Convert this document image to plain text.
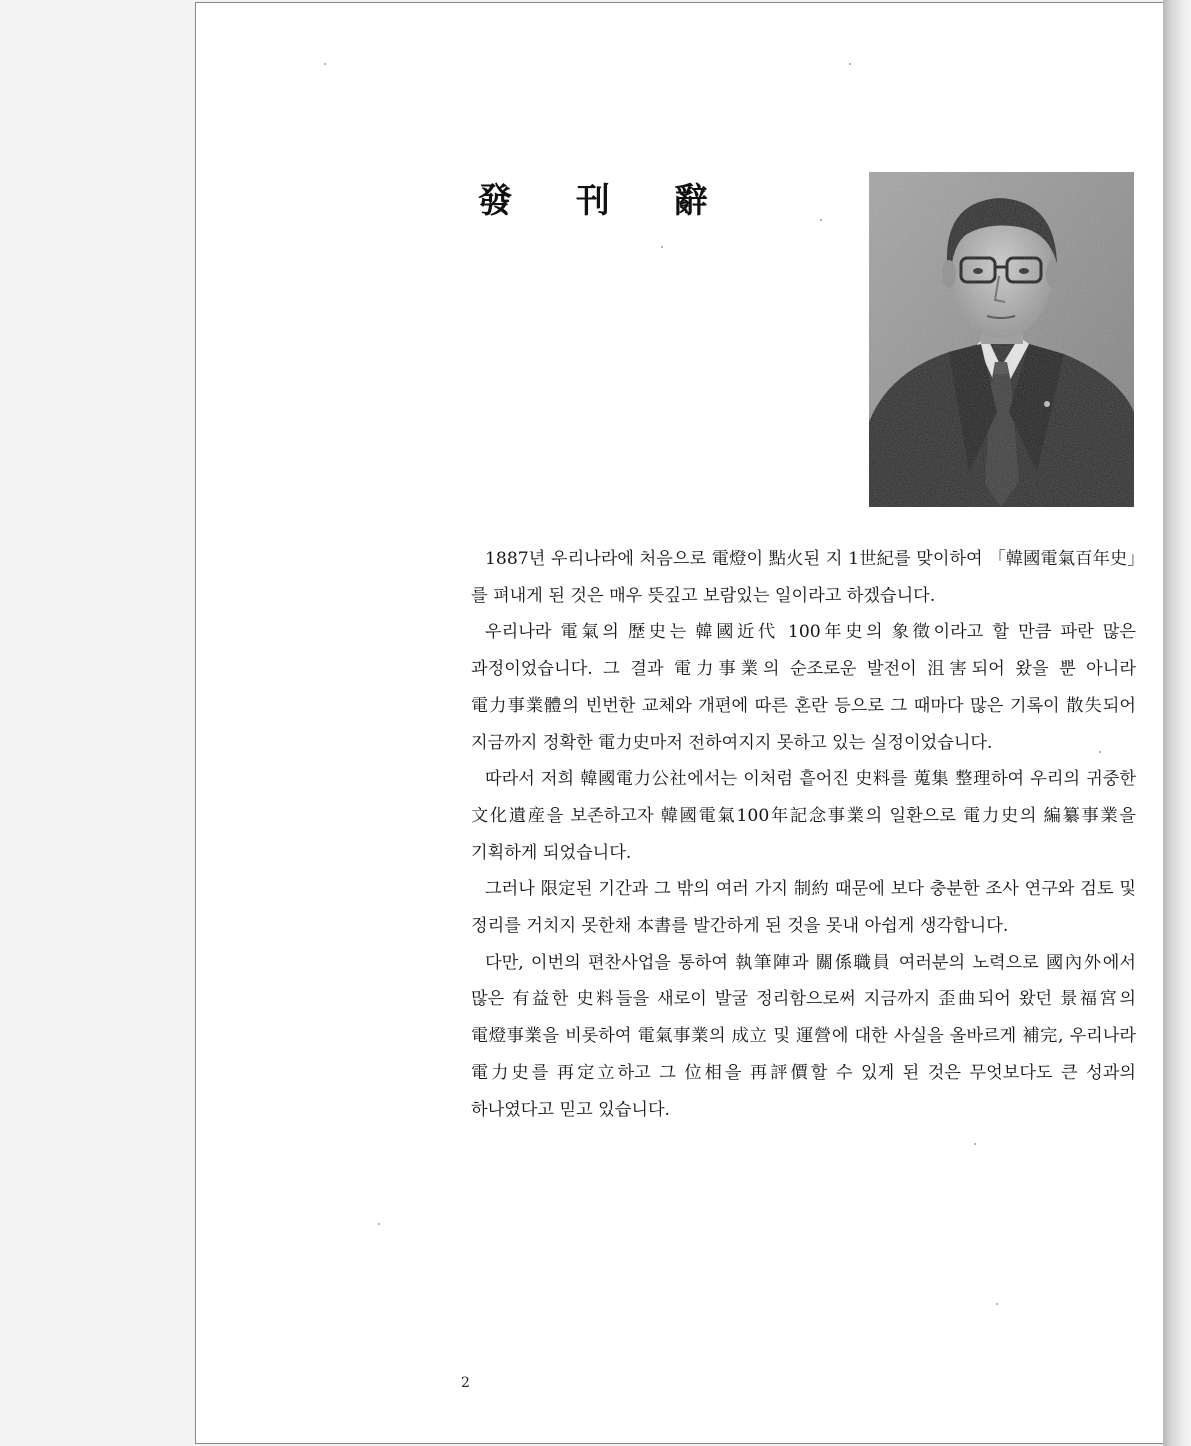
發 刊 辭

1887년 우리나라에 처음으로 電燈이 點火된 지 1世紀를 맞이하여 「韓國電氣百年史」를 펴내게 된 것은 매우 뜻깊고 보람있는 일이라고 하겠습니다.

우리나라 電氣의 歷史는 韓國近代 100年史의 象徵이라고 할 만큼 파란 많은 과정이었습니다. 그 결과 電力事業의 순조로운 발전이 沮害되어 왔을 뿐 아니라 電力事業體의 빈번한 교체와 개편에 따른 혼란 등으로 그 때마다 많은 기록이 散失되어 지금까지 정확한 電力史마저 전하여지지 못하고 있는 실정이었습니다.

따라서 저희 韓國電力公社에서는 이처럼 흩어진 史料를 蒐集 整理하여 우리의 귀중한 文化遺産을 보존하고자 韓國電氣100年記念事業의 일환으로 電力史의 編纂事業을 기획하게 되었습니다.

그러나 限定된 기간과 그 밖의 여러 가지 制約 때문에 보다 충분한 조사 연구와 검토 및 정리를 거치지 못한채 本書를 발간하게 된 것을 못내 아쉽게 생각합니다.

다만, 이번의 편찬사업을 통하여 執筆陣과 關係職員 여러분의 노력으로 國內外에서 많은 有益한 史料들을 새로이 발굴 정리함으로써 지금까지 歪曲되어 왔던 景福宮의 電燈事業을 비롯하여 電氣事業의 成立 및 運營에 대한 사실을 올바르게 補完, 우리나라 電力史를 再定立하고 그 位相을 再評價할 수 있게 된 것은 무엇보다도 큰 성과의 하나였다고 믿고 있습니다.

2
